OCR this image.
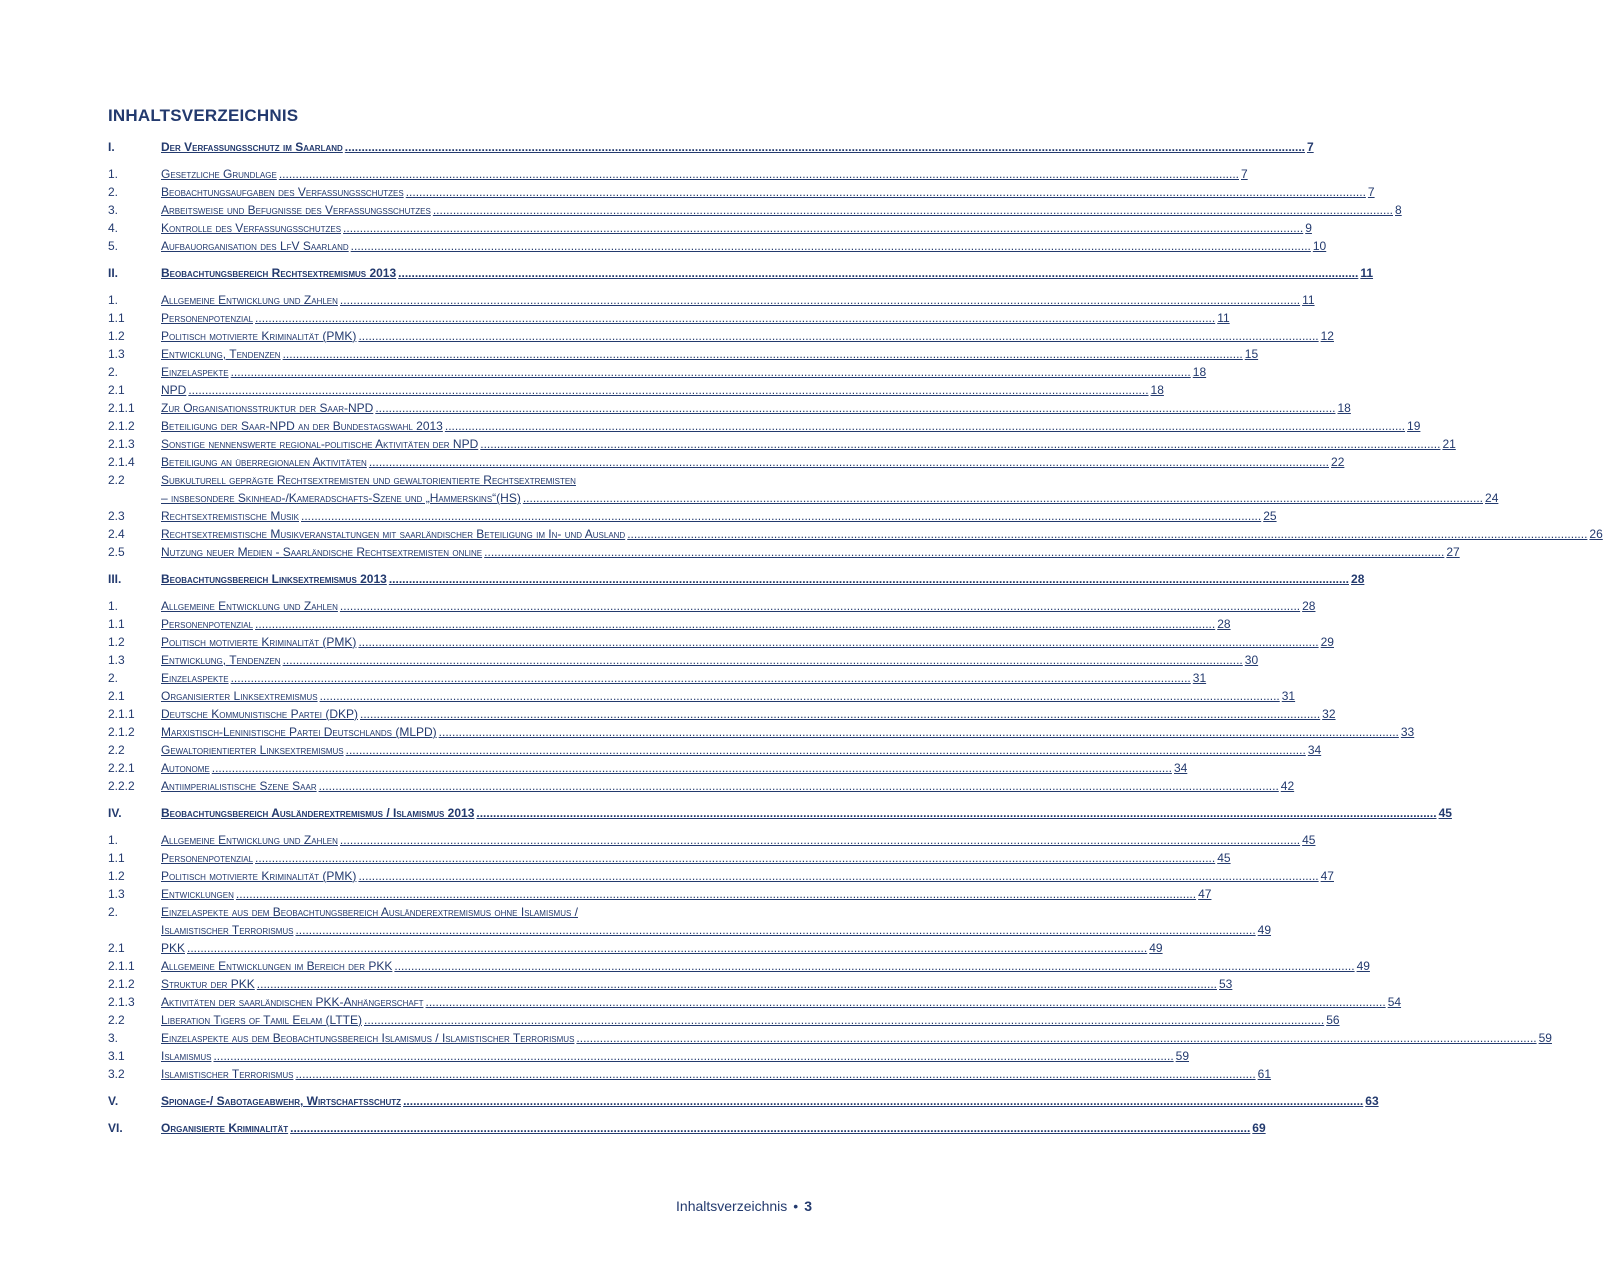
INHALTSVERZEICHNIS
I.	Der Verfassungsschutz im Saarland .....	7
1.	Gesetzliche Grundlage .....	7
2.	Beobachtungsaufgaben des Verfassungsschutzes .....	7
3.	Arbeitsweise und Befugnisse des Verfassungsschutzes .....	8
4.	Kontrolle des Verfassungsschutzes .....	9
5.	Aufbauorganisation des LfV Saarland .....	10
II.	Beobachtungsbereich Rechtsextremismus 2013 .....	11
1.	Allgemeine Entwicklung und Zahlen .....	11
1.1	Personenpotenzial .....	11
1.2	Politisch motivierte Kriminalität (PMK) .....	12
1.3	Entwicklung, Tendenzen .....	15
2.	Einzelaspekte .....	18
2.1	NPD .....	18
2.1.1	Zur Organisationsstruktur der Saar-NPD .....	18
2.1.2	Beteiligung der Saar-NPD an der Bundestagswahl 2013 .....	19
2.1.3	Sonstige nennenswerte regional-politische Aktivitäten der NPD .....	21
2.1.4	Beteiligung an überregionalen Aktivitäten .....	22
2.2	Subkulturell geprägte Rechtsextremisten und gewaltorientierte Rechtsextremisten
– insbesondere Skinhead-/Kameradschafts-Szene und „Hammerskins“(HS) .....	24
2.3	Rechtsextremistische Musik .....	25
2.4	Rechtsextremistische Musikveranstaltungen mit saarländischer Beteiligung im In- und Ausland .....	26
2.5	Nutzung neuer Medien - Saarländische Rechtsextremisten online .....	27
III.	Beobachtungsbereich Linksextremismus 2013 .....	28
1.	Allgemeine Entwicklung und Zahlen .....	28
1.1	Personenpotenzial .....	28
1.2	Politisch motivierte Kriminalität (PMK) .....	29
1.3	Entwicklung, Tendenzen .....	30
2.	Einzelaspekte .....	31
2.1	Organisierter Linksextremismus .....	31
2.1.1	Deutsche Kommunistische Partei (DKP) .....	32
2.1.2	Marxistisch-Leninistische Partei Deutschlands (MLPD) .....	33
2.2	Gewaltorientierter Linksextremismus .....	34
2.2.1	Autonome .....	34
2.2.2	Antiimperialistische Szene Saar .....	42
IV.	Beobachtungsbereich Ausländerextremismus / Islamismus 2013 .....	45
1.	Allgemeine Entwicklung und Zahlen .....	45
1.1	Personenpotenzial .....	45
1.2	Politisch motivierte Kriminalität (PMK) .....	47
1.3	Entwicklungen .....	47
2.	Einzelaspekte aus dem Beobachtungsbereich Ausländerextremismus ohne Islamismus /
Islamistischer Terrorismus .....	49
2.1	PKK .....	49
2.1.1	Allgemeine Entwicklungen im Bereich der PKK .....	49
2.1.2	Struktur der PKK .....	53
2.1.3	Aktivitäten der saarländischen PKK-Anhängerschaft .....	54
2.2	Liberation Tigers of Tamil Eelam (LTTE) .....	56
3.	Einzelaspekte aus dem Beobachtungsbereich Islamismus / Islamistischer Terrorismus .....	59
3.1	Islamismus .....	59
3.2	Islamistischer Terrorismus .....	61
V.	Spionage-/ Sabotageabwehr, Wirtschaftsschutz .....	63
VI.	Organisierte Kriminalität .....	69
Inhaltsverzeichnis • 3
